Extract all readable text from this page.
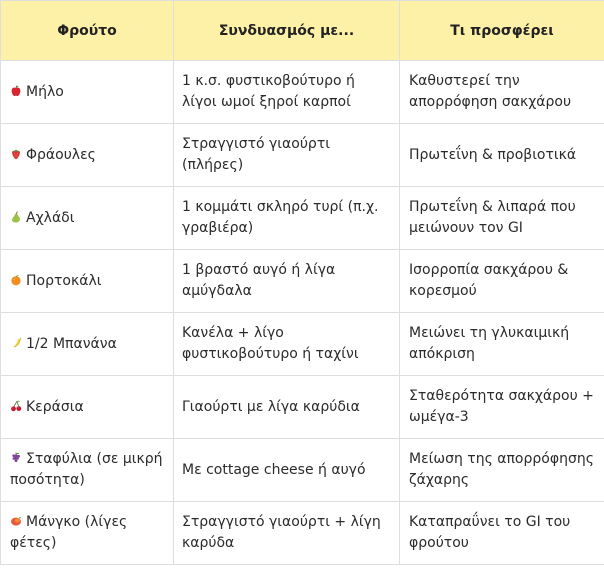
Φρούτο	Συνδυασμός με...	Τι προσφέρει

Μήλο	1 κ.σ. φυστικοβούτυρο ή λίγοι ωμοί ξηροί καρποί	Καθυστερεί την απορρόφηση σακχάρου

Φράουλες	Στραγγιστό γιαούρτι (πλήρες)	Πρωτεΐνη & προβιοτικά

Αχλάδι	1 κομμάτι σκληρό τυρί (π.χ. γραβιέρα)	Πρωτεΐνη & λιπαρά που μειώνουν τον GI

Πορτοκάλι	1 βραστό αυγό ή λίγα αμύγδαλα	Ισορροπία σακχάρου & κορεσμού

1/2 Μπανάνα	Κανέλα + λίγο φυστικοβούτυρο ή ταχίνι	Μειώνει τη γλυκαιμική απόκριση

Κεράσια	Γιαούρτι με λίγα καρύδια	Σταθερότητα σακχάρου + ωμέγα-3

Σταφύλια (σε μικρή ποσότητα)	Με cottage cheese ή αυγό	Μείωση της απορρόφησης ζάχαρης

Μάνγκο (λίγες φέτες)	Στραγγιστό γιαούρτι + λίγη καρύδα	Καταπραΰνει το GI του φρούτου
